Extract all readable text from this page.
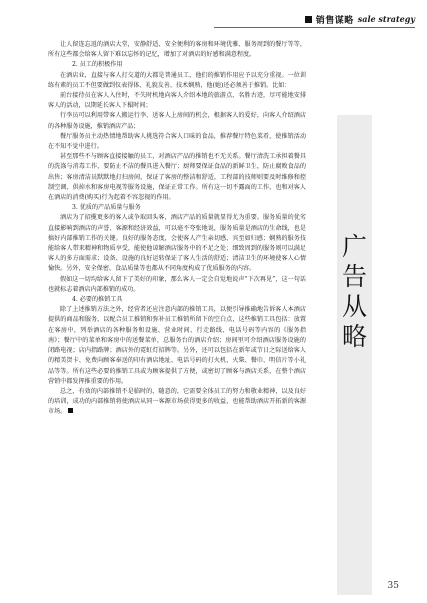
销售谋略 sale strategy

让人留连忘返的酒店大堂，安静舒适、安全便利的客房和环境优雅、服务周到的餐厅等等，所有这些都会给客人留下难以忘怀的记忆，增加了对酒店的好感和满意程度。

2. 员工的积极作用

在酒店业，直接与客人打交道的大都是普通员工，他们的推销作用应予以充分重视。一位训练有素的员工不但要做到仪表得体、礼貌友善、技术娴熟，他(她)还必须善于推销。比如：

前台接待员在客人入住时，不失时机地向客人介绍本地的旅游点、名胜古迹，尽可能地安排客人的活动，以期延长客人下榻时间；

行李员可以利用带客人搬运行李、送客人上房间的机会，根据客人的爱好，向客人介绍酒店的各种服务设施，推销酒店产品；

餐厅服务员主动热情地帮助客人挑选符合客人口味的食品，推荐餐厅特色菜肴，使推销活动在不知不觉中进行。

甚至那些不与顾客直接接触的员工，对酒店产品的推销也不无关系。餐厅清洗工承担着餐具的洗涤与消毒工作，要防止不洁的餐具进入餐厅；厨师要保证食品的新鲜卫生，防止腐败食品的出售；客房清洁员默默地打扫房间，保证了客房的整洁和舒适，工程部的技师则要及时维修和控制空调、供掉水和客房电视等服务设施，保证正常工作。所有这一切不露面的工作，也和对客人在酒店的消费(购买)行为起着不容忽视的作用。

3. 优质的产品质量与服务

酒店为了招揽更多的客人或争取回头客，酒店产品的质量就显得尤为重要。服务质量的优劣直接影响到酒店的声誉、客源和经济效益，可以毫不夸张地说，服务质量是酒店的生命线，也是搞好内部推销工作的关键。良好的服务态度，会使客人产生亲切感、宾至如归感；娴熟的服务技能给客人带来精神和物质享受，能使他谅解酒店服务中的不足之处；细致周到的服务则可以满足客人的多方面需求；设备、设施的良好运转保证了客人生活的舒适；清洁卫生的环境使客人心情愉快。另外，安全保密、食品质量等也都从不同角度构成了优质服务的内容。

假如这一切均给客人留下了美好的印象，那么客人一定会自觉地说声“下次再见”，这一句话也就标志着酒店内部推销的成功。

4. 必要的推销工具

除了上述推销方法之外，经营者还应注意内部的推销工具，以便引导推确地告诉客人本酒店提供的商品和服务，以配合员工推销和弥补员工推销所留下的空白点，这些推销工具包括：放置在客房中，列举酒店的各种服务和设施、营业时间、行走路线、电话号码等内容的《服务指南》；餐厅中的菜单和客房中的送餐菜单，总服务台的酒店介绍；房间里可介绍酒店服务设施的闭路电视；店内指路牌；酒店外的霓虹灯招牌等。另外，还可以包括在新年或节日之际送给客人的精美贺卡、免费向顾客奉送的印有酒店地址、电话号码的打火机、火柴、餐巾、明信片等小礼品等等。所有这些必要的推销工具或为顾客提供了方便，或密切了顾客与酒店关系，在整个酒店营销中都发挥推重要的作用。

总之，有效的内部推销不是临时的、随意的，它需要全体员工的努力和敬业精神，以及良好的培训，成功的内部推销将使酒店从同一客源市场获得更多的收益，也能帮助酒店开拓新的客源市场。

广
告
从
略
35
